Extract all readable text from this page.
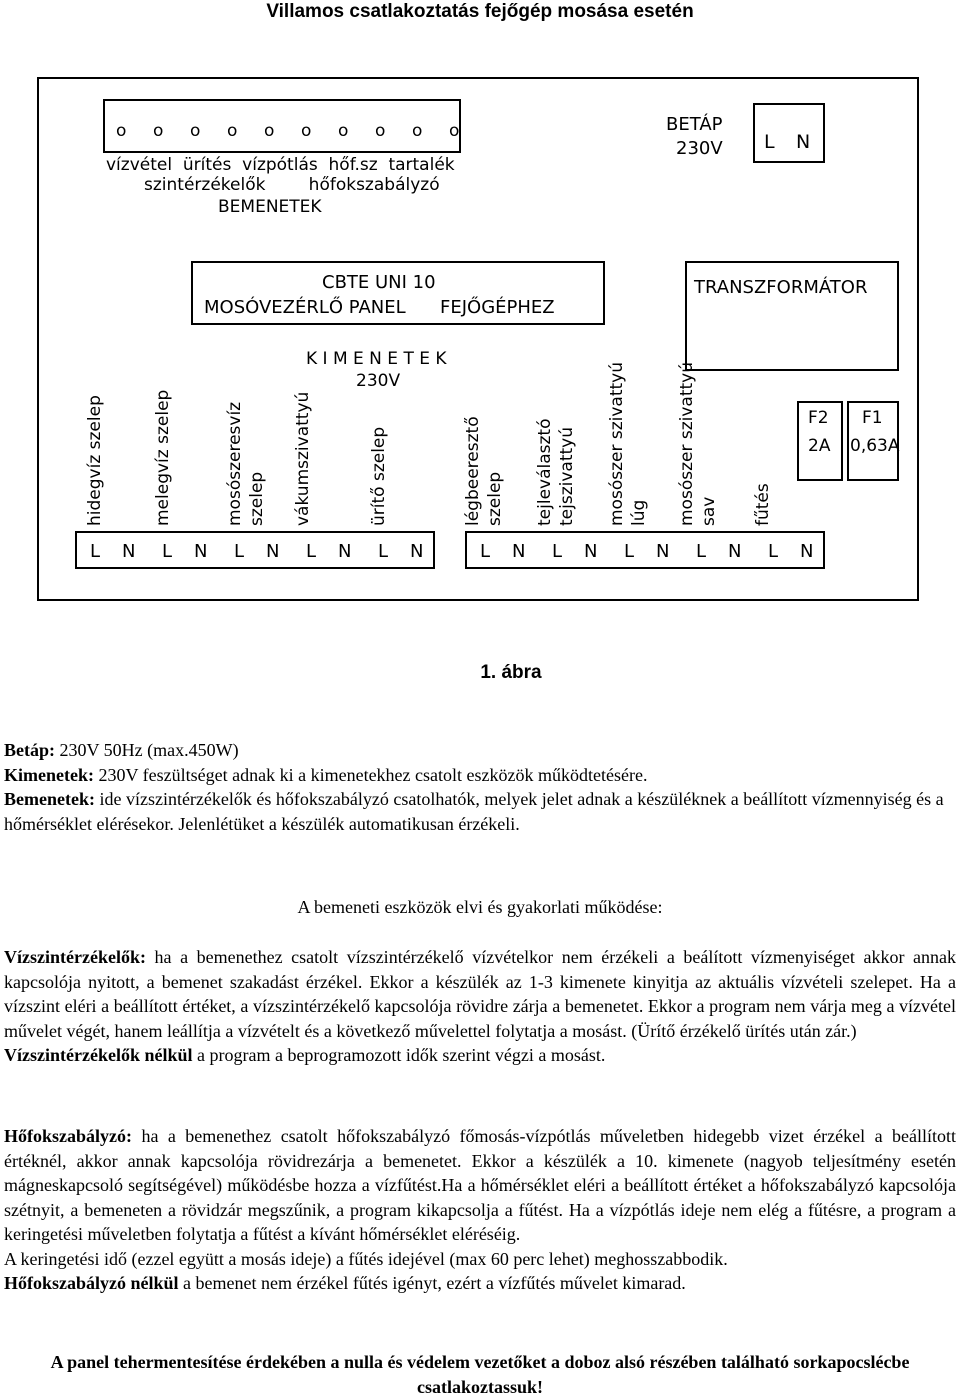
Villamos csatlakoztatás fejőgép mosása esetén
o o o o o o o o o o
vízvétel  ürítés  vízpótlás  hőf.sz  tartalék
szintérzékelők        hőfokszabályzó
BEMENETEK
BETÁP
230V L N
CBTE UNI 10
MOSÓVEZÉRLŐ PANEL      FEJŐGÉPHEZ
TRANSZFORMÁTOR
K I M E N E T E K
230V
F2
2A
F1
0,63A
hidegvíz szelep	melegvíz szelep	mosószeresvíz szelep vákumszivattyú	ürítő szelep	légbeeresztő szelep tejleválasztó tejszivattyú mosószer szivattyú lúg mosószer szivattyú sav fűtés
L N L N L N L N L N	L N L N L N L N L N
1. ábra

Betáp: 230V 50Hz (max.450W)

Kimenetek: 230V feszültséget adnak ki a kimenetekhez csatolt eszközök működtetésére.

Bemenetek: ide vízszintérzékelők és hőfokszabályzó csatolhatók, melyek jelet adnak a készüléknek a beállított vízmennyiség és a hőmérséklet elérésekor. Jelenlétüket a készülék automatikusan érzékeli.

A bemeneti eszközök elvi és gyakorlati működése:

Vízszintérzékelők: ha a bemenethez csatolt vízszintérzékelő vízvételkor nem érzékeli a beálított vízmenyiséget akkor annak kapcsolója nyitott, a bemenet szakadást érzékel. Ekkor a készülék az 1-3 kimenete kinyitja az aktuális vízvételi szelepet. Ha a vízszint eléri a beállított értéket, a vízszintérzékelő kapcsolója rövidre zárja a bemenetet. Ekkor a program nem várja meg a vízvétel művelet végét, hanem leállítja a vízvételt és a következő művelettel folytatja a mosást. (Ürítő érzékelő ürítés után zár.)

Vízszintérzékelők nélkül a program a beprogramozott idők szerint végzi a mosást.

Hőfokszabályzó: ha a bemenethez csatolt hőfokszabályzó főmosás-vízpótlás műveletben hidegebb vizet érzékel a beállított értéknél, akkor annak kapcsolója rövidrezárja a bemenetet. Ekkor a készülék a 10. kimenete (nagyob teljesítmény esetén mágneskapcsoló segítségével) működésbe hozza a vízfűtést.Ha a hőmérséklet eléri a beállított értéket a hőfokszabályzó kapcsolója szétnyit, a bemeneten a rövidzár megszűnik, a program kikapcsolja a fűtést. Ha a vízpótlás ideje nem elég a fűtésre, a program a keringetési műveletben folytatja a fűtést a kívánt hőmérséklet eléréséig.

A keringetési idő (ezzel együtt a mosás ideje) a fűtés idejével (max 60 perc lehet) meghosszabbodik.

Hőfokszabályzó nélkül a bemenet nem érzékel fűtés igényt, ezért a vízfűtés művelet kimarad.

A panel tehermentesítése érdekében a nulla és védelem vezetőket a doboz alsó részében található sorkapocslécbe csatlakoztassuk!
